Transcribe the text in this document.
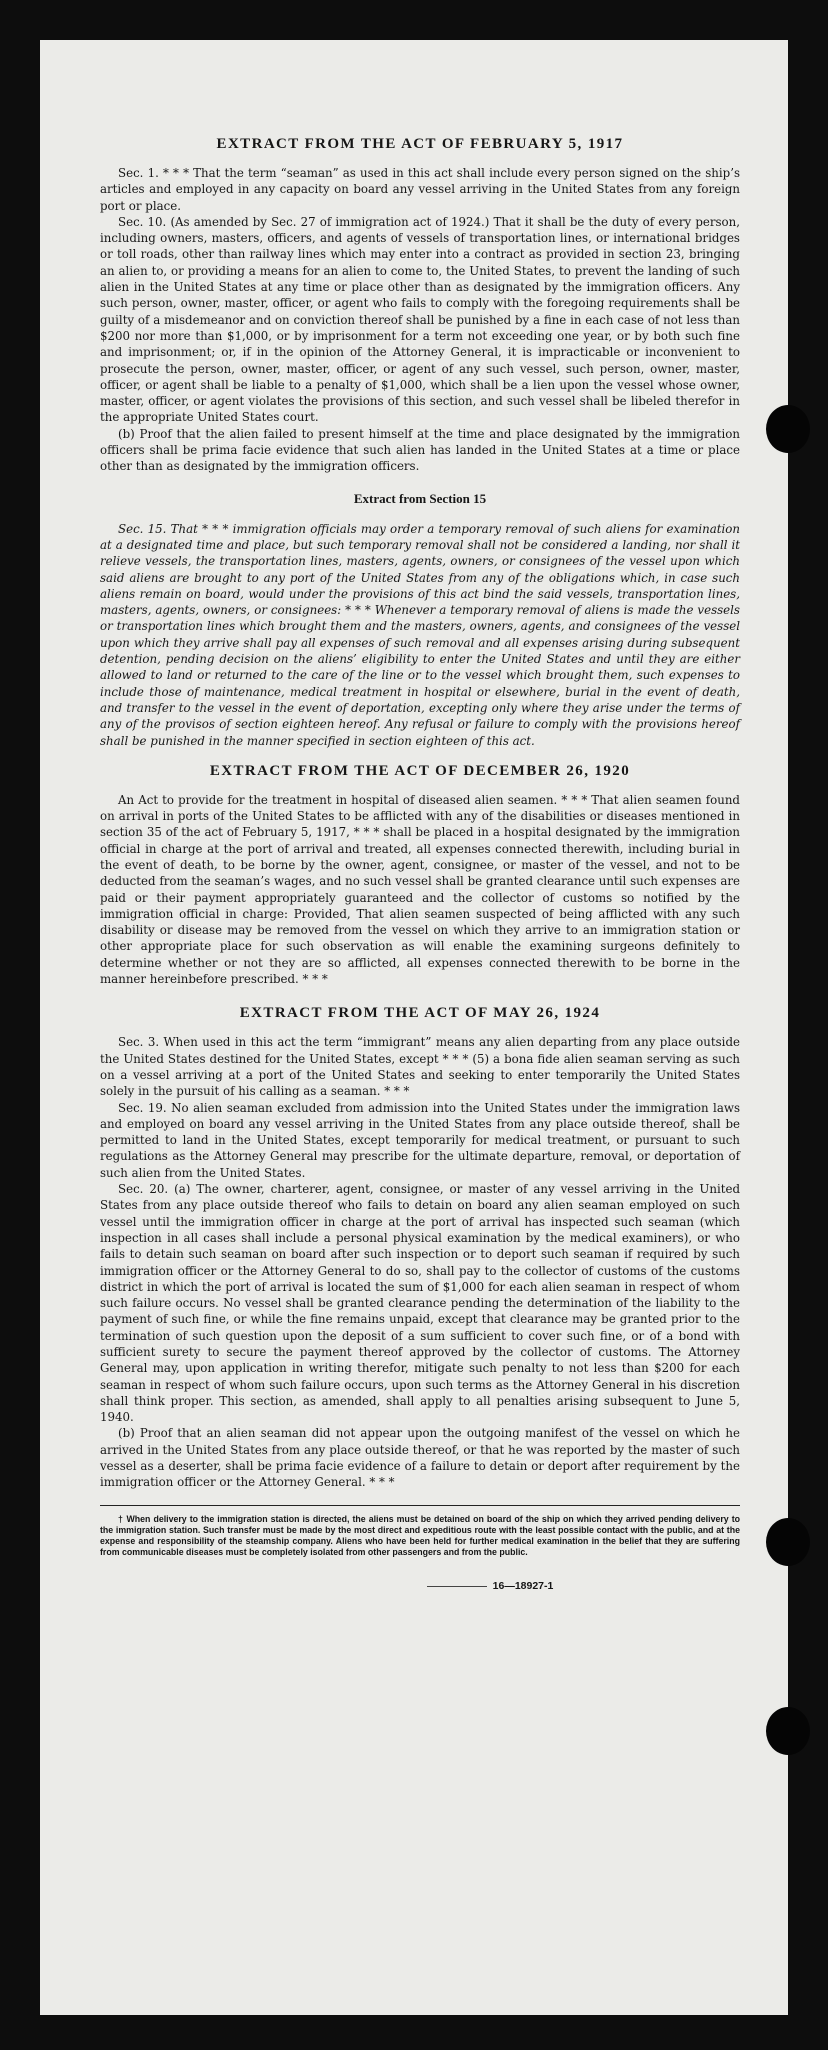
EXTRACT FROM THE ACT OF FEBRUARY 5, 1917

Sec. 1. * * * That the term “seaman” as used in this act shall include every person signed on the ship’s articles and employed in any capacity on board any vessel arriving in the United States from any foreign port or place.

Sec. 10. (As amended by Sec. 27 of immigration act of 1924.) That it shall be the duty of every person, including owners, masters, officers, and agents of vessels of transportation lines, or international bridges or toll roads, other than railway lines which may enter into a contract as provided in section 23, bringing an alien to, or providing a means for an alien to come to, the United States, to prevent the landing of such alien in the United States at any time or place other than as designated by the immigration officers. Any such person, owner, master, officer, or agent who fails to comply with the foregoing requirements shall be guilty of a misdemeanor and on conviction thereof shall be punished by a fine in each case of not less than $200 nor more than $1,000, or by imprisonment for a term not exceeding one year, or by both such fine and imprisonment; or, if in the opinion of the Attorney General, it is impracticable or inconvenient to prosecute the person, owner, master, officer, or agent of any such vessel, such person, owner, master, officer, or agent shall be liable to a penalty of $1,000, which shall be a lien upon the vessel whose owner, master, officer, or agent violates the provisions of this section, and such vessel shall be libeled therefor in the appropriate United States court.

(b) Proof that the alien failed to present himself at the time and place designated by the immigration officers shall be prima facie evidence that such alien has landed in the United States at a time or place other than as designated by the immigration officers.

Extract from Section 15

Sec. 15. That * * * immigration officials may order a temporary removal of such aliens for examination at a designated time and place, but such temporary removal shall not be considered a landing, nor shall it relieve vessels, the transportation lines, masters, agents, owners, or consignees of the vessel upon which said aliens are brought to any port of the United States from any of the obligations which, in case such aliens remain on board, would under the provisions of this act bind the said vessels, transportation lines, masters, agents, owners, or consignees: * * * Whenever a temporary removal of aliens is made the vessels or transportation lines which brought them and the masters, owners, agents, and consignees of the vessel upon which they arrive shall pay all expenses of such removal and all expenses arising during subsequent detention, pending decision on the aliens’ eligibility to enter the United States and until they are either allowed to land or returned to the care of the line or to the vessel which brought them, such expenses to include those of maintenance, medical treatment in hospital or elsewhere, burial in the event of death, and transfer to the vessel in the event of deportation, excepting only where they arise under the terms of any of the provisos of section eighteen hereof. Any refusal or failure to comply with the provisions hereof shall be punished in the manner specified in section eighteen of this act.

EXTRACT FROM THE ACT OF DECEMBER 26, 1920

An Act to provide for the treatment in hospital of diseased alien seamen. * * * That alien seamen found on arrival in ports of the United States to be afflicted with any of the disabilities or diseases mentioned in section 35 of the act of February 5, 1917, * * * shall be placed in a hospital designated by the immigration official in charge at the port of arrival and treated, all expenses connected therewith, including burial in the event of death, to be borne by the owner, agent, consignee, or master of the vessel, and not to be deducted from the seaman’s wages, and no such vessel shall be granted clearance until such expenses are paid or their payment appropriately guaranteed and the collector of customs so notified by the immigration official in charge: Provided, That alien seamen suspected of being afflicted with any such disability or disease may be removed from the vessel on which they arrive to an immigration station or other appropriate place for such observation as will enable the examining surgeons definitely to determine whether or not they are so afflicted, all expenses connected therewith to be borne in the manner hereinbefore prescribed. * * *

EXTRACT FROM THE ACT OF MAY 26, 1924

Sec. 3. When used in this act the term “immigrant” means any alien departing from any place outside the United States destined for the United States, except * * * (5) a bona fide alien seaman serving as such on a vessel arriving at a port of the United States and seeking to enter temporarily the United States solely in the pursuit of his calling as a seaman. * * *

Sec. 19. No alien seaman excluded from admission into the United States under the immigration laws and employed on board any vessel arriving in the United States from any place outside thereof, shall be permitted to land in the United States, except temporarily for medical treatment, or pursuant to such regulations as the Attorney General may prescribe for the ultimate departure, removal, or deportation of such alien from the United States.

Sec. 20. (a) The owner, charterer, agent, consignee, or master of any vessel arriving in the United States from any place outside thereof who fails to detain on board any alien seaman employed on such vessel until the immigration officer in charge at the port of arrival has inspected such seaman (which inspection in all cases shall include a personal physical examination by the medical examiners), or who fails to detain such seaman on board after such inspection or to deport such seaman if required by such immigration officer or the Attorney General to do so, shall pay to the collector of customs of the customs district in which the port of arrival is located the sum of $1,000 for each alien seaman in respect of whom such failure occurs. No vessel shall be granted clearance pending the determination of the liability to the payment of such fine, or while the fine remains unpaid, except that clearance may be granted prior to the termination of such question upon the deposit of a sum sufficient to cover such fine, or of a bond with sufficient surety to secure the payment thereof approved by the collector of customs. The Attorney General may, upon application in writing therefor, mitigate such penalty to not less than $200 for each seaman in respect of whom such failure occurs, upon such terms as the Attorney General in his discretion shall think proper. This section, as amended, shall apply to all penalties arising subsequent to June 5, 1940.

(b) Proof that an alien seaman did not appear upon the outgoing manifest of the vessel on which he arrived in the United States from any place outside thereof, or that he was reported by the master of such vessel as a deserter, shall be prima facie evidence of a failure to detain or deport after requirement by the immigration officer or the Attorney General. * * *

† When delivery to the immigration station is directed, the aliens must be detained on board of the ship on which they arrived pending delivery to the immigration station. Such transfer must be made by the most direct and expeditious route with the least possible contact with the public, and at the expense and responsibility of the steamship company. Aliens who have been held for further medical examination in the belief that they are suffering from communicable diseases must be completely isolated from other passengers and from the public.

16—18927-1
